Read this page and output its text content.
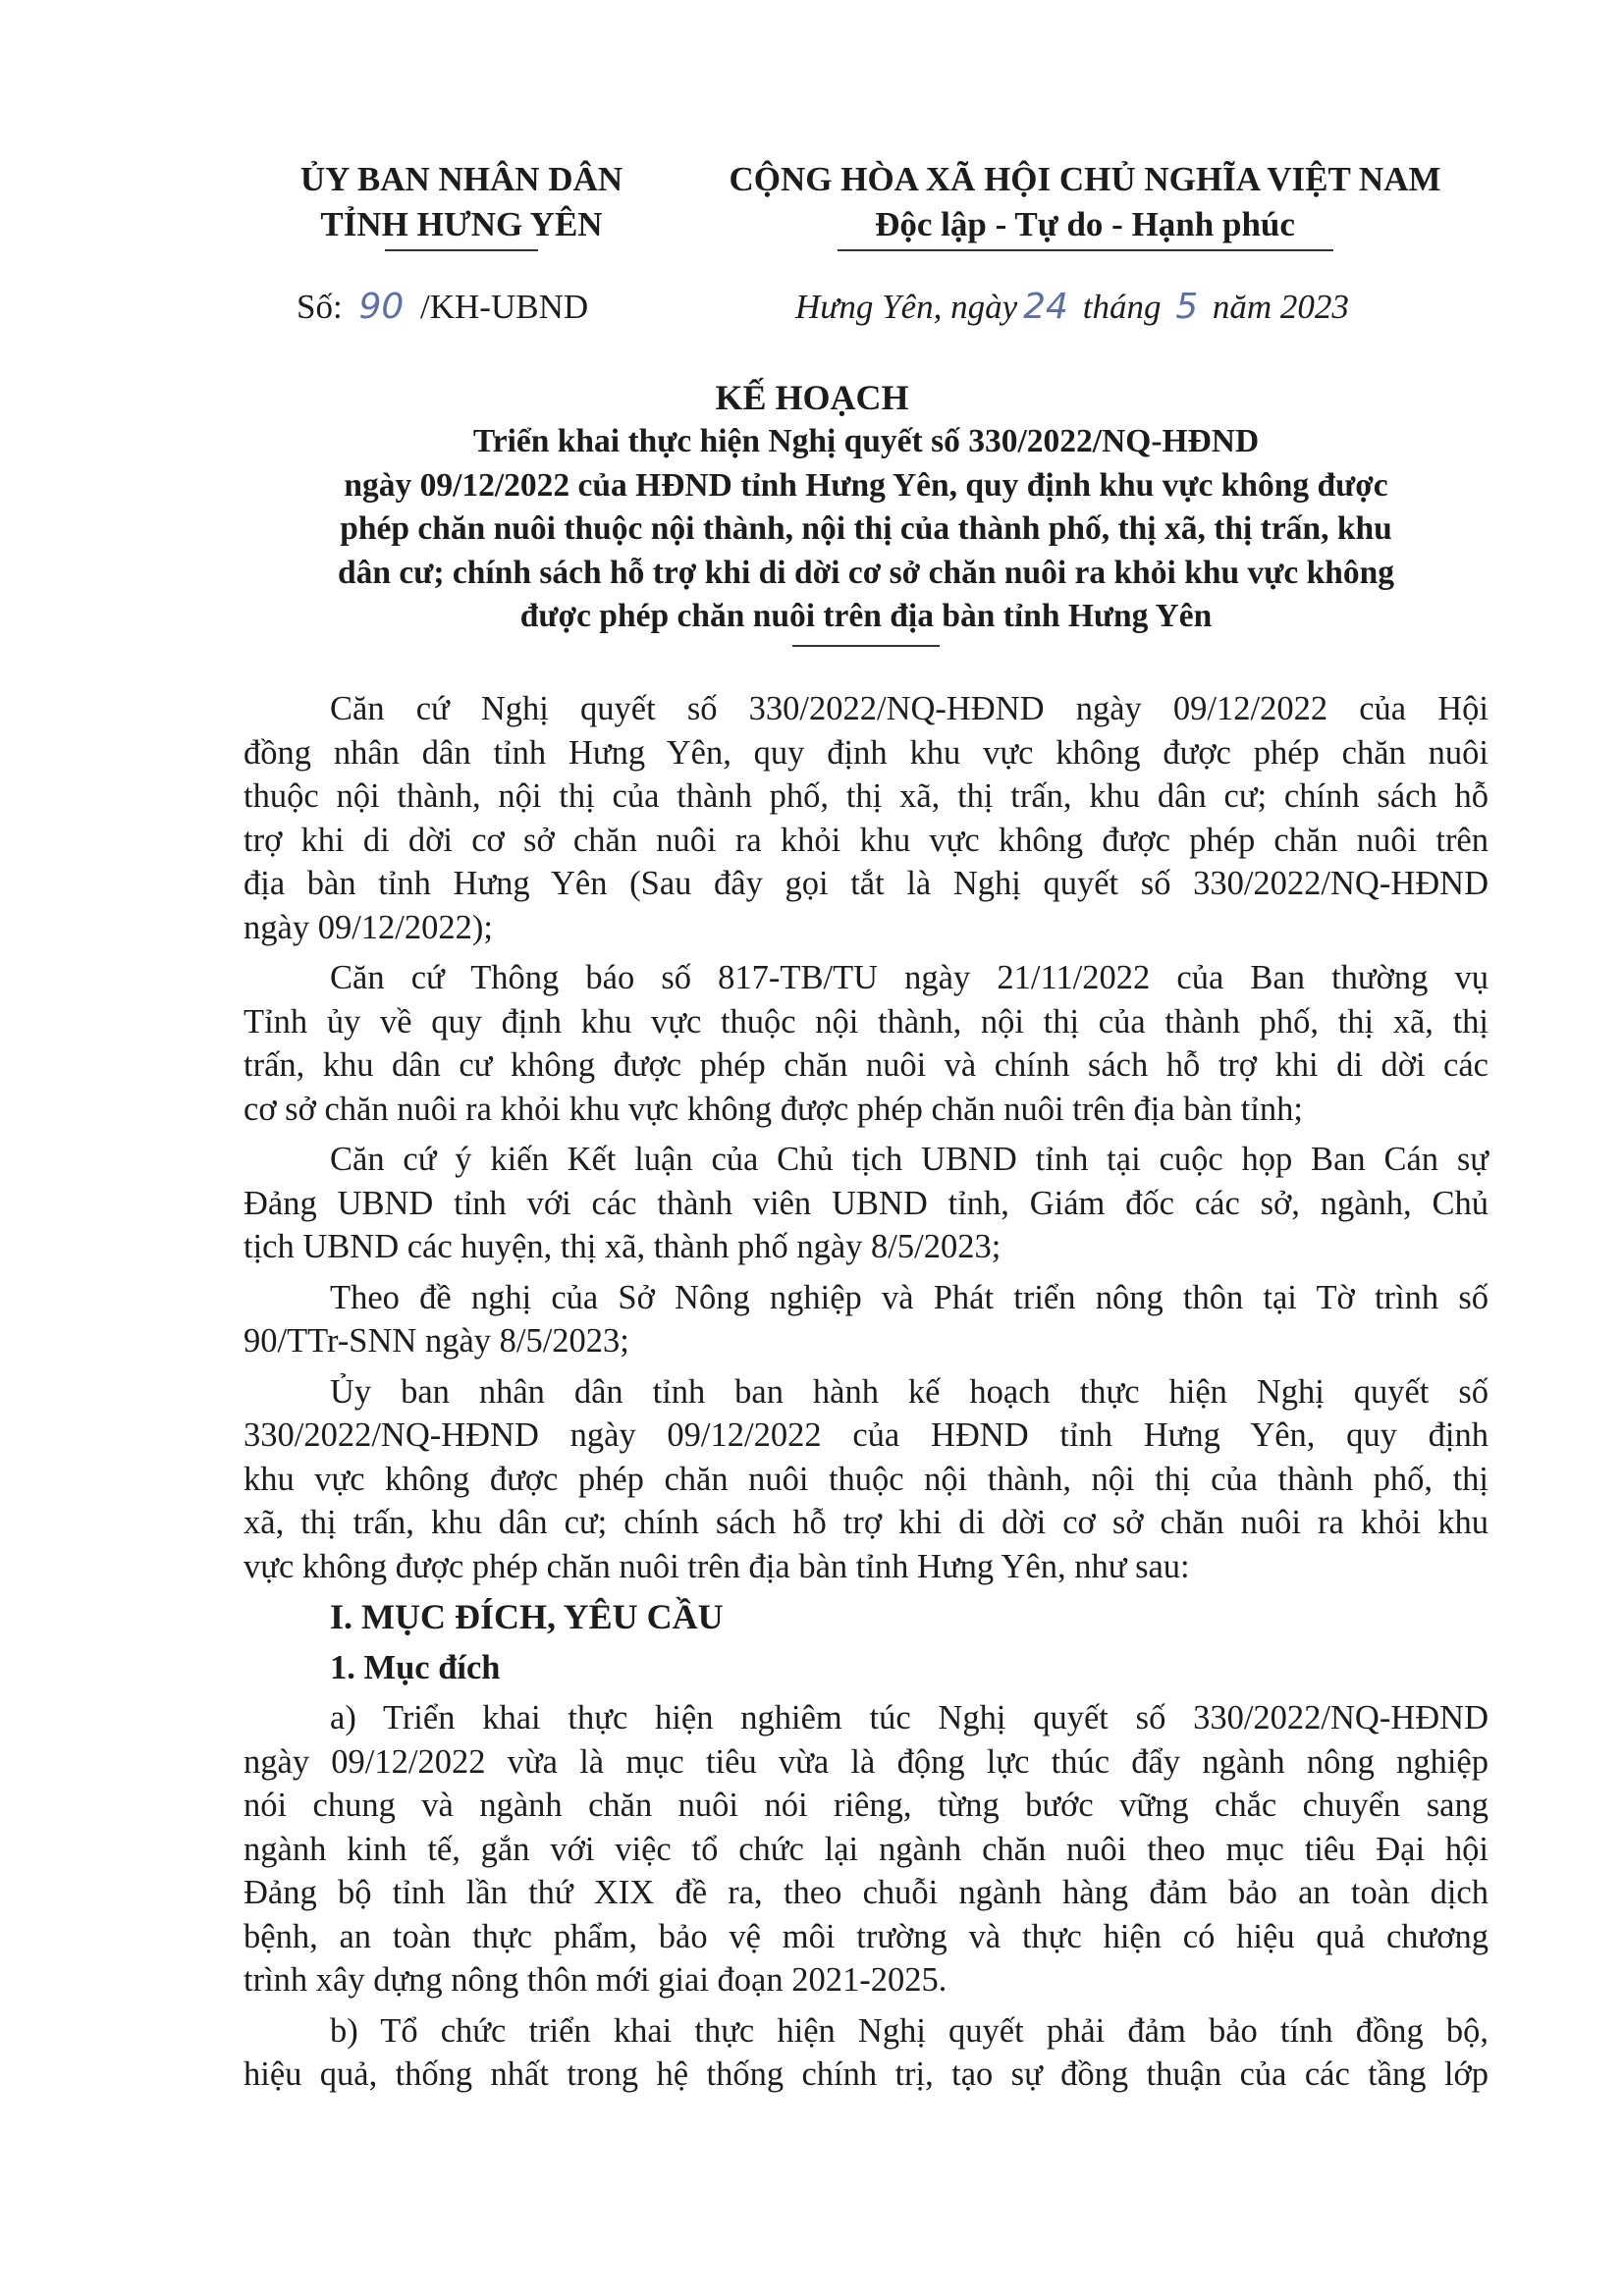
ỦY BAN NHÂN DÂN
TỈNH HƯNG YÊN
CỘNG HÒA XÃ HỘI CHỦ NGHĨA VIỆT NAM
Độc lập - Tự do - Hạnh phúc
Số: 90 /KH-UBND	Hưng Yên, ngày 24 tháng 5 năm 2023
KẾ HOẠCH
Triển khai thực hiện Nghị quyết số 330/2022/NQ-HĐND
ngày 09/12/2022 của HĐND tỉnh Hưng Yên, quy định khu vực không được
phép chăn nuôi thuộc nội thành, nội thị của thành phố, thị xã, thị trấn, khu
dân cư; chính sách hỗ trợ khi di dời cơ sở chăn nuôi ra khỏi khu vực không
được phép chăn nuôi trên địa bàn tỉnh Hưng Yên
Căn cứ Nghị quyết số 330/2022/NQ-HĐND ngày 09/12/2022 của Hội
đồng nhân dân tỉnh Hưng Yên, quy định khu vực không được phép chăn nuôi
thuộc nội thành, nội thị của thành phố, thị xã, thị trấn, khu dân cư; chính sách hỗ
trợ khi di dời cơ sở chăn nuôi ra khỏi khu vực không được phép chăn nuôi trên
địa bàn tỉnh Hưng Yên (Sau đây gọi tắt là Nghị quyết số 330/2022/NQ-HĐND
ngày 09/12/2022);
Căn cứ Thông báo số 817-TB/TU ngày 21/11/2022 của Ban thường vụ
Tỉnh ủy về quy định khu vực thuộc nội thành, nội thị của thành phố, thị xã, thị
trấn, khu dân cư không được phép chăn nuôi và chính sách hỗ trợ khi di dời các
cơ sở chăn nuôi ra khỏi khu vực không được phép chăn nuôi trên địa bàn tỉnh;
Căn cứ ý kiến Kết luận của Chủ tịch UBND tỉnh tại cuộc họp Ban Cán sự
Đảng UBND tỉnh với các thành viên UBND tỉnh, Giám đốc các sở, ngành, Chủ
tịch UBND các huyện, thị xã, thành phố ngày 8/5/2023;
Theo đề nghị của Sở Nông nghiệp và Phát triển nông thôn tại Tờ trình số
90/TTr-SNN ngày 8/5/2023;
Ủy ban nhân dân tỉnh ban hành kế hoạch thực hiện Nghị quyết số
330/2022/NQ-HĐND ngày 09/12/2022 của HĐND tỉnh Hưng Yên, quy định
khu vực không được phép chăn nuôi thuộc nội thành, nội thị của thành phố, thị
xã, thị trấn, khu dân cư; chính sách hỗ trợ khi di dời cơ sở chăn nuôi ra khỏi khu
vực không được phép chăn nuôi trên địa bàn tỉnh Hưng Yên, như sau:
I. MỤC ĐÍCH, YÊU CẦU
1. Mục đích
a) Triển khai thực hiện nghiêm túc Nghị quyết số 330/2022/NQ-HĐND
ngày 09/12/2022 vừa là mục tiêu vừa là động lực thúc đẩy ngành nông nghiệp
nói chung và ngành chăn nuôi nói riêng, từng bước vững chắc chuyển sang
ngành kinh tế, gắn với việc tổ chức lại ngành chăn nuôi theo mục tiêu Đại hội
Đảng bộ tỉnh lần thứ XIX đề ra, theo chuỗi ngành hàng đảm bảo an toàn dịch
bệnh, an toàn thực phẩm, bảo vệ môi trường và thực hiện có hiệu quả chương
trình xây dựng nông thôn mới giai đoạn 2021-2025.
b) Tổ chức triển khai thực hiện Nghị quyết phải đảm bảo tính đồng bộ,
hiệu quả, thống nhất trong hệ thống chính trị, tạo sự đồng thuận của các tầng lớp
